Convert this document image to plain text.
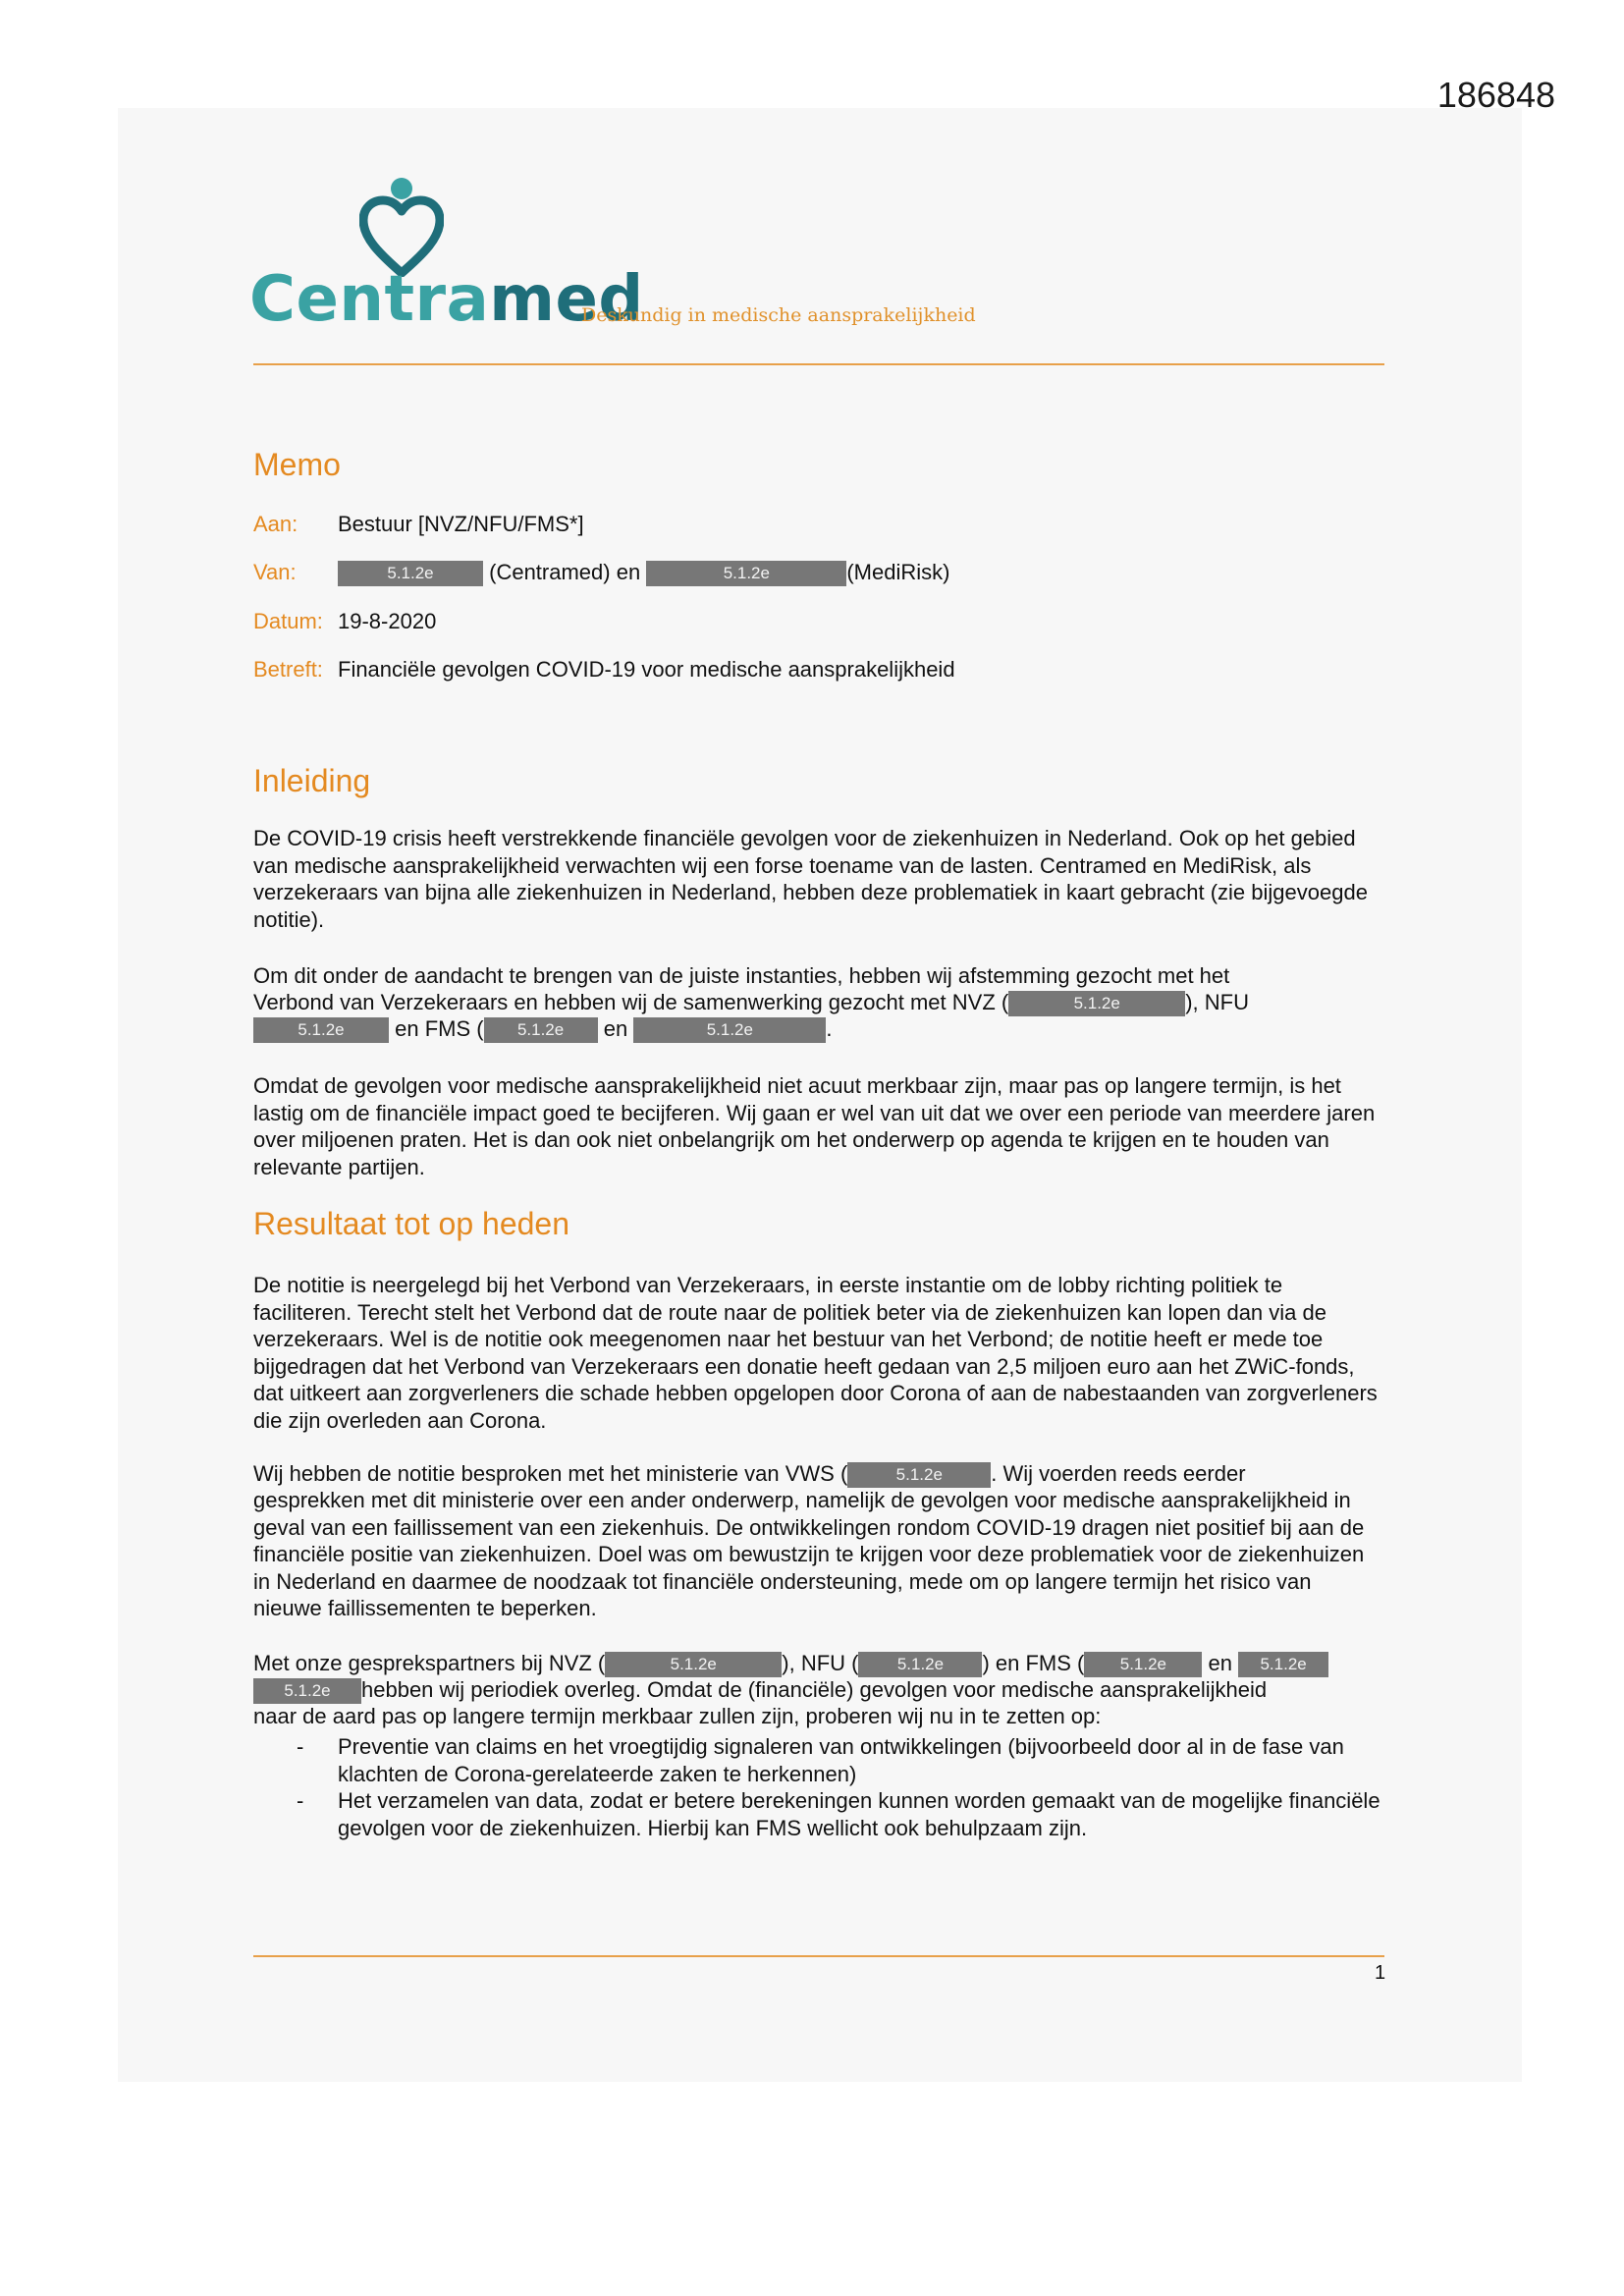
186848
Centramed
Deskundig in medische aansprakelijkheid
Memo
Aan: Bestuur [NVZ/NFU/FMS*]
Van:	5.1.2e	(Centramed) en	5.1.2e	(MediRisk)
Datum: 19-8-2020
Betreft: Financiële gevolgen COVID-19 voor medische aansprakelijkheid
Inleiding
De COVID-19 crisis heeft verstrekkende financiële gevolgen voor de ziekenhuizen in Nederland. Ook op het gebied van medische aansprakelijkheid verwachten wij een forse toename van de lasten. Centramed en MediRisk, als verzekeraars van bijna alle ziekenhuizen in Nederland, hebben deze problematiek in kaart gebracht (zie bijgevoegde notitie).
Om dit onder de aandacht te brengen van de juiste instanties, hebben wij afstemming gezocht met het
Verbond van Verzekeraars en hebben wij de samenwerking gezocht met NVZ (	5.1.2e	), NFU
5.1.2e en FMS ( 5.1.2e en	5.1.2e	.
Omdat de gevolgen voor medische aansprakelijkheid niet acuut merkbaar zijn, maar pas op langere termijn, is het lastig om de financiële impact goed te becijferen. Wij gaan er wel van uit dat we over een periode van meerdere jaren over miljoenen praten. Het is dan ook niet onbelangrijk om het onderwerp op agenda te krijgen en te houden van relevante partijen.
Resultaat tot op heden
De notitie is neergelegd bij het Verbond van Verzekeraars, in eerste instantie om de lobby richting politiek te faciliteren. Terecht stelt het Verbond dat de route naar de politiek beter via de ziekenhuizen kan lopen dan via de verzekeraars. Wel is de notitie ook meegenomen naar het bestuur van het Verbond; de notitie heeft er mede toe bijgedragen dat het Verbond van Verzekeraars een donatie heeft gedaan van 2,5 miljoen euro aan het ZWiC-fonds, dat uitkeert aan zorgverleners die schade hebben opgelopen door Corona of aan de nabestaanden van zorgverleners die zijn overleden aan Corona.
Wij hebben de notitie besproken met het ministerie van VWS (	5.1.2e . Wij voerden reeds eerder
gesprekken met dit ministerie over een ander onderwerp, namelijk de gevolgen voor medische aansprakelijkheid in geval van een faillissement van een ziekenhuis. De ontwikkelingen rondom COVID-19 dragen niet positief bij aan de financiële positie van ziekenhuizen. Doel was om bewustzijn te krijgen voor deze problematiek voor de ziekenhuizen in Nederland en daarmee de noodzaak tot financiële ondersteuning, mede om op langere termijn het risico van nieuwe faillissementen te beperken.
Met onze gesprekspartners bij NVZ (	5.1.2e	), NFU ( 5.1.2e ) en FMS ( 5.1.2e en 5.1.2e
5.1.2e hebben wij periodiek overleg. Omdat de (financiële) gevolgen voor medische aansprakelijkheid
naar de aard pas op langere termijn merkbaar zullen zijn, proberen wij nu in te zetten op:
- Preventie van claims en het vroegtijdig signaleren van ontwikkelingen (bijvoorbeeld door al in de fase van klachten de Corona-gerelateerde zaken te herkennen)
- Het verzamelen van data, zodat er betere berekeningen kunnen worden gemaakt van de mogelijke financiële gevolgen voor de ziekenhuizen. Hierbij kan FMS wellicht ook behulpzaam zijn.
1
